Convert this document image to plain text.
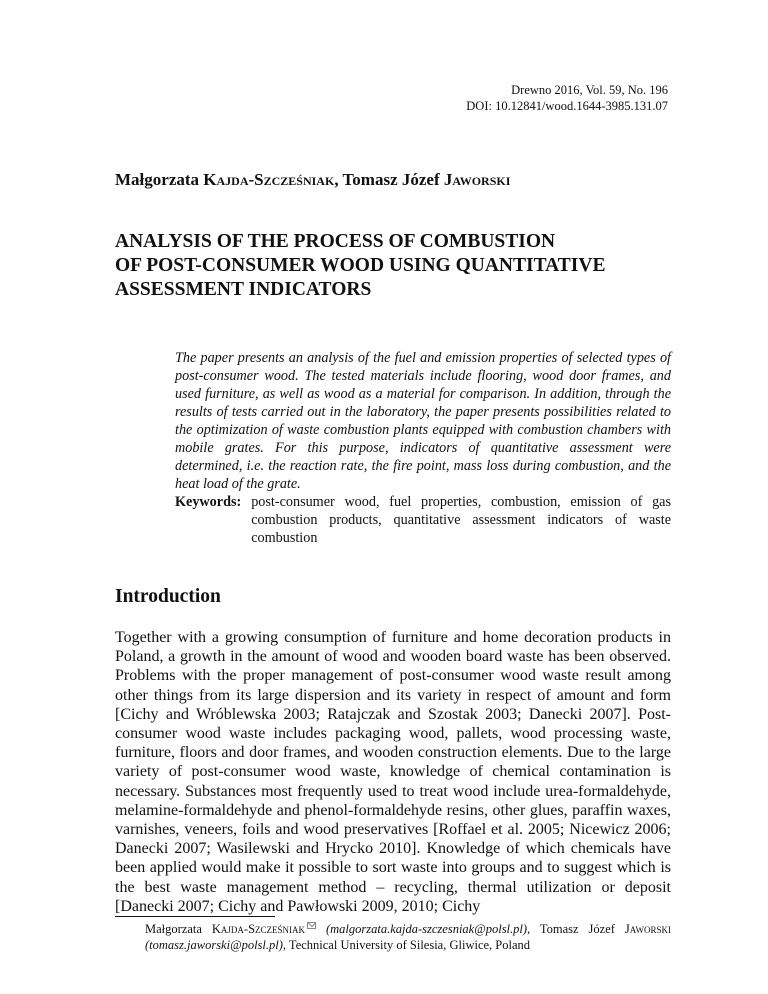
Drewno 2016, Vol. 59, No. 196
DOI: 10.12841/wood.1644-3985.131.07
Małgorzata Kajda-Szcześniak, Tomasz Józef Jaworski
ANALYSIS OF THE PROCESS OF COMBUSTION
OF POST-CONSUMER WOOD USING QUANTITATIVE
ASSESSMENT INDICATORS

The paper presents an analysis of the fuel and emission properties of selected types of post-consumer wood. The tested materials include flooring, wood door frames, and used furniture, as well as wood as a material for comparison. In addition, through the results of tests carried out in the laboratory, the paper presents possibilities related to the optimization of waste combustion plants equipped with combustion chambers with mobile grates. For this purpose, indicators of quantitative assessment were determined, i.e. the reaction rate, the fire point, mass loss during combustion, and the heat load of the grate.

Keywords: post-consumer wood, fuel properties, combustion, emission of gas combustion products, quantitative assessment indicators of waste combustion
Introduction

Together with a growing consumption of furniture and home decoration products in Poland, a growth in the amount of wood and wooden board waste has been observed. Problems with the proper management of post-consumer wood waste result among other things from its large dispersion and its variety in respect of amount and form [Cichy and Wróblewska 2003; Ratajczak and Szostak 2003; Danecki 2007]. Post-consumer wood waste includes packaging wood, pallets, wood processing waste, furniture, floors and door frames, and wooden construction elements. Due to the large variety of post-consumer wood waste, knowledge of chemical contamination is necessary. Substances most frequently used to treat wood include urea-formaldehyde, melamine-formaldehyde and phenol-formaldehyde resins, other glues, paraffin waxes, varnishes, veneers, foils and wood preservatives [Roffael et al. 2005; Nicewicz 2006; Danecki 2007; Wasilewski and Hrycko 2010]. Knowledge of which chemicals have been applied would make it possible to sort waste into groups and to suggest which is the best waste management method – recycling, thermal utilization or deposit [Danecki 2007; Cichy and Pawłowski 2009, 2010; Cichy

Małgorzata Kajda-Szcześniak (malgorzata.kajda-szczesniak@polsl.pl), Tomasz Józef Jaworski (tomasz.jaworski@polsl.pl), Technical University of Silesia, Gliwice, Poland
